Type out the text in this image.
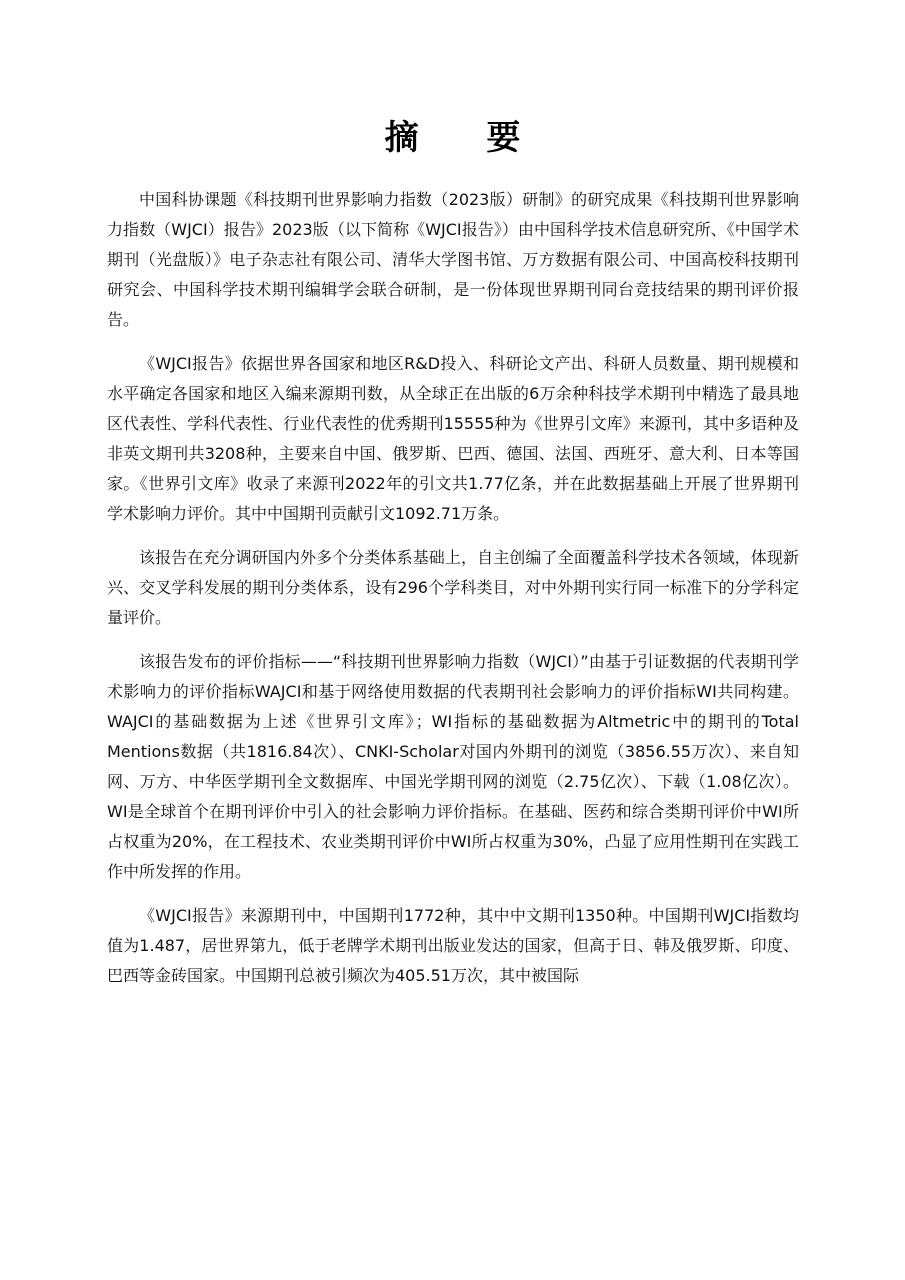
摘 要

中国科协课题《科技期刊世界影响力指数（2023版）研制》的研究成果《科技期刊世界影响力指数（WJCI）报告》2023版（以下简称《WJCI报告》）由中国科学技术信息研究所、《中国学术期刊（光盘版）》电子杂志社有限公司、清华大学图书馆、万方数据有限公司、中国高校科技期刊研究会、中国科学技术期刊编辑学会联合研制，是一份体现世界期刊同台竞技结果的期刊评价报告。

《WJCI报告》依据世界各国家和地区R&D投入、科研论文产出、科研人员数量、期刊规模和水平确定各国家和地区入编来源期刊数，从全球正在出版的6万余种科技学术期刊中精选了最具地区代表性、学科代表性、行业代表性的优秀期刊15555种为《世界引文库》来源刊，其中多语种及非英文期刊共3208种，主要来自中国、俄罗斯、巴西、德国、法国、西班牙、意大利、日本等国家。《世界引文库》收录了来源刊2022年的引文共1.77亿条，并在此数据基础上开展了世界期刊学术影响力评价。其中中国期刊贡献引文1092.71万条。

该报告在充分调研国内外多个分类体系基础上，自主创编了全面覆盖科学技术各领域，体现新兴、交叉学科发展的期刊分类体系，设有296个学科类目，对中外期刊实行同一标准下的分学科定量评价。

该报告发布的评价指标——“科技期刊世界影响力指数（WJCI）”由基于引证数据的代表期刊学术影响力的评价指标WAJCI和基于网络使用数据的代表期刊社会影响力的评价指标WI共同构建。WAJCI的基础数据为上述《世界引文库》；WI指标的基础数据为Altmetric中的期刊的Total Mentions数据（共1816.84次）、CNKI-Scholar对国内外期刊的浏览（3856.55万次）、来自知网、万方、中华医学期刊全文数据库、中国光学期刊网的浏览（2.75亿次）、下载（1.08亿次）。WI是全球首个在期刊评价中引入的社会影响力评价指标。在基础、医药和综合类期刊评价中WI所占权重为20%，在工程技术、农业类期刊评价中WI所占权重为30%，凸显了应用性期刊在实践工作中所发挥的作用。

《WJCI报告》来源期刊中，中国期刊1772种，其中中文期刊1350种。中国期刊WJCI指数均值为1.487，居世界第九，低于老牌学术期刊出版业发达的国家，但高于日、韩及俄罗斯、印度、巴西等金砖国家。中国期刊总被引频次为405.51万次，其中被国际
